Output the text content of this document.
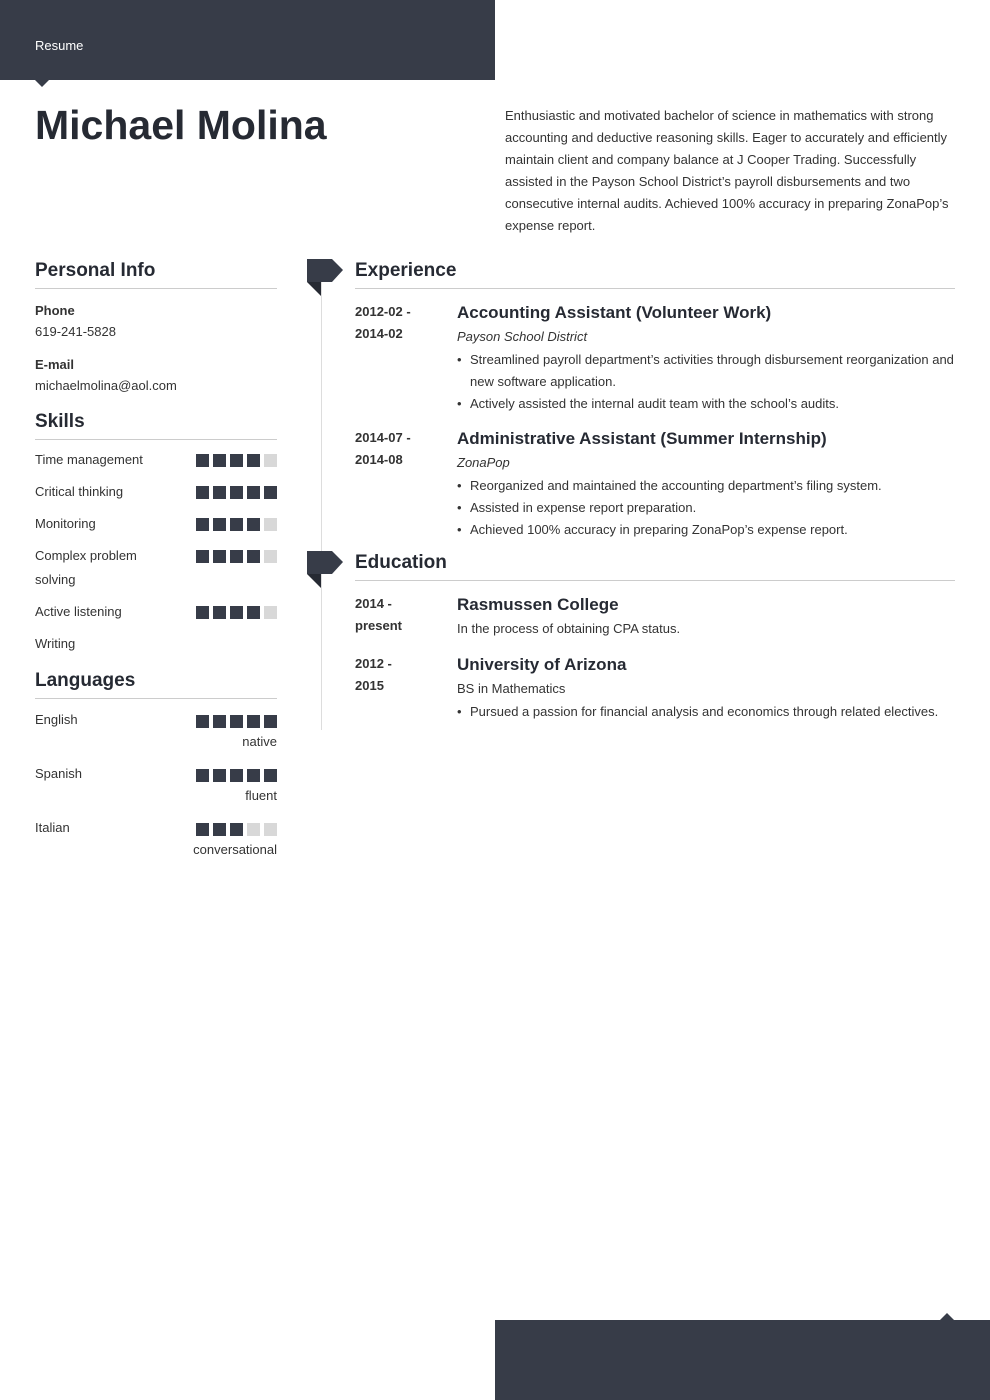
Resume
Michael Molina	Enthusiastic and motivated bachelor of science in mathematics with strong accounting and deductive reasoning skills. Eager to accurately and efficiently maintain client and company balance at J Cooper Trading. Successfully assisted in the Payson School District’s payroll disbursements and two consecutive internal audits. Achieved 100% accuracy in preparing ZonaPop’s expense report.
Personal Info
Phone
619-241-5828
E-mail
michaelmolina@aol.com
Skills
Time management
Critical thinking
Monitoring
Complex problem solving
Active listening
Writing
Languages
English
native
Spanish
fluent
Italian
conversational
Experience
2012-02 -
2014-02
Accounting Assistant (Volunteer Work)
Payson School District
• Streamlined payroll department’s activities through disbursement reorganization and new software application.
• Actively assisted the internal audit team with the school’s audits.
2014-07 -
2014-08
Administrative Assistant (Summer Internship)
ZonaPop
• Reorganized and maintained the accounting department’s filing system.
• Assisted in expense report preparation.
• Achieved 100% accuracy in preparing ZonaPop’s expense report.
Education
2014 -
present
Rasmussen College
In the process of obtaining CPA status.
2012 -
2015
University of Arizona
BS in Mathematics
• Pursued a passion for financial analysis and economics through related electives.
